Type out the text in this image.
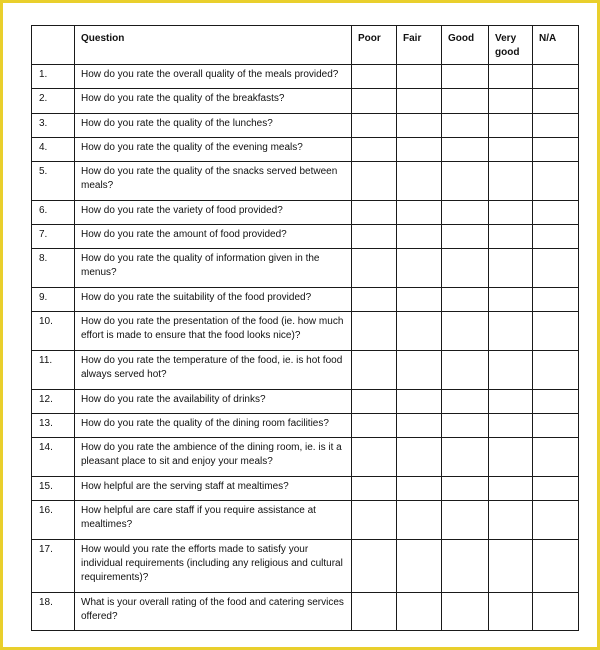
	Question	Poor	Fair	Good	Very good	N/A
1.	How do you rate the overall quality of the meals provided?					
2.	How do you rate the quality of the breakfasts?					
3.	How do you rate the quality of the lunches?					
4.	How do you rate the quality of the evening meals?					
5.	How do you rate the quality of the snacks served between meals?					
6.	How do you rate the variety of food provided?					
7.	How do you rate the amount of food provided?					
8.	How do you rate the quality of information given in the menus?					
9.	How do you rate the suitability of the food provided?					
10.	How do you rate the presentation of the food (ie. how much effort is made to ensure that the food looks nice)?					
11.	How do you rate the temperature of the food, ie. is hot food always served hot?					
12.	How do you rate the availability of drinks?					
13.	How do you rate the quality of the dining room facilities?					
14.	How do you rate the ambience of the dining room, ie. is it a pleasant place to sit and enjoy your meals?					
15.	How helpful are the serving staff at mealtimes?					
16.	How helpful are care staff if you require assistance at mealtimes?					
17.	How would you rate the efforts made to satisfy your individual requirements (including any religious and cultural requirements)?					
18.	What is your overall rating of the food and catering services offered?					
